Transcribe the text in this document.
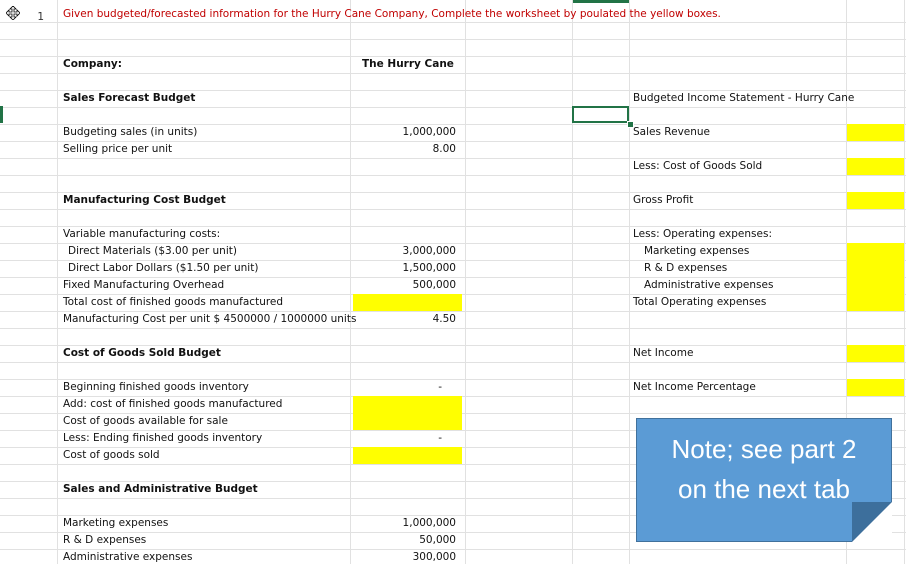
1	Given budgeted/forecasted information for the Hurry Cane Company, Complete the worksheet by poulated the yellow boxes.
Company:	The Hurry Cane
Sales Forecast Budget
Budgeting sales (in units)	1,000,000
Selling price per unit	8.00
Manufacturing Cost Budget
Variable manufacturing costs:
Direct Materials ($3.00 per unit)	3,000,000
Direct Labor Dollars ($1.50 per unit)	1,500,000
Fixed Manufacturing Overhead	500,000
Total cost of finished goods manufactured
Manufacturing Cost per unit $ 4500000 / 1000000 units	4.50
Cost of Goods Sold Budget
Beginning finished goods inventory	-
Add: cost of finished goods manufactured
Cost of goods available for sale
Less: Ending finished goods inventory	-
Cost of goods sold
Sales and Administrative Budget
Marketing expenses	1,000,000
R & D expenses	50,000
Administrative expenses	300,000
Budgeted Income Statement - Hurry Cane
Sales Revenue
Less: Cost of Goods Sold
Gross Profit
Less: Operating expenses:
Marketing expenses
R & D expenses
Administrative expenses
Total Operating expenses
Net Income
Net Income Percentage
Note; see part 2
on the next tab
